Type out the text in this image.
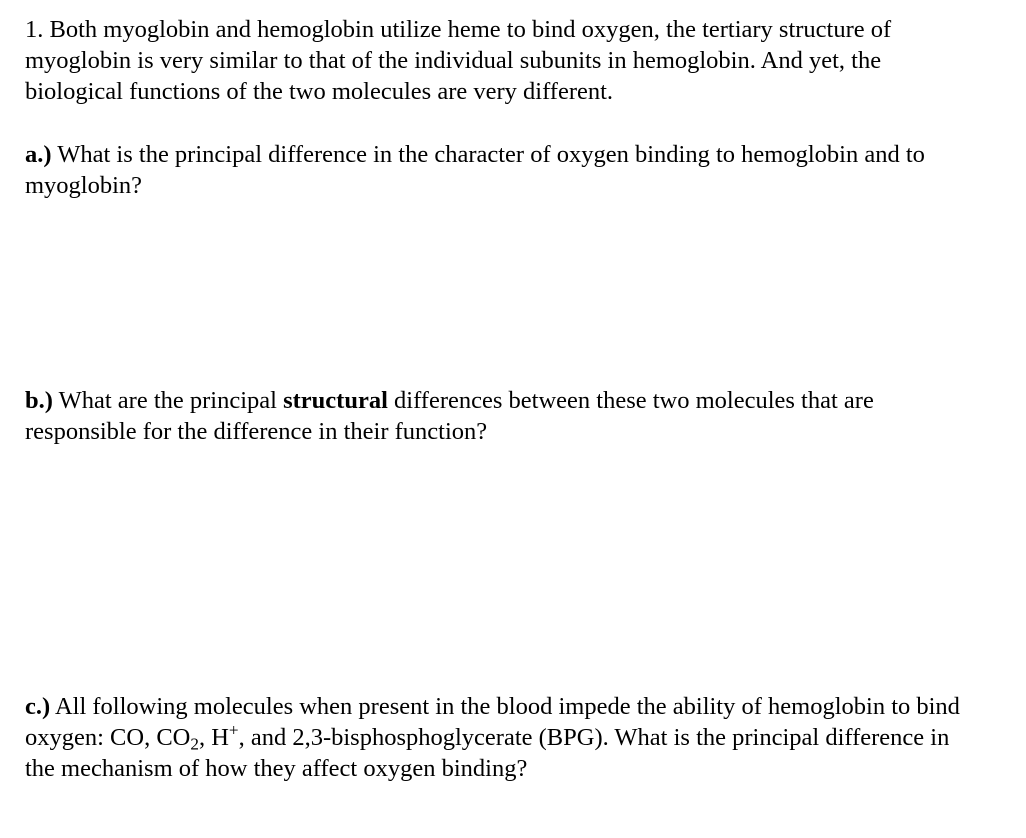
1. Both myoglobin and hemoglobin utilize heme to bind oxygen, the tertiary structure of myoglobin is very similar to that of the individual subunits in hemoglobin. And yet, the biological functions of the two molecules are very different.

a.) What is the principal difference in the character of oxygen binding to hemoglobin and to myoglobin?

b.) What are the principal structural differences between these two molecules that are responsible for the difference in their function?

c.) All following molecules when present in the blood impede the ability of hemoglobin to bind oxygen: CO, $CO_2$, H+, and 2,3-bisphosphoglycerate (BPG). What is the principal difference in the mechanism of how they affect oxygen binding?
